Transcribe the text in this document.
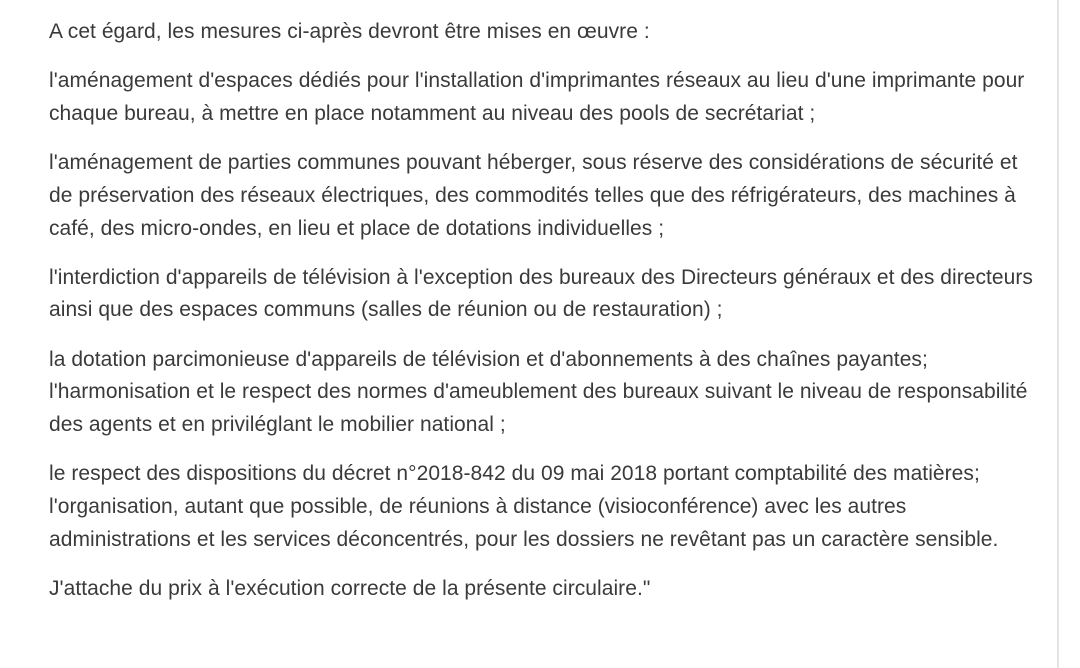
A cet égard, les mesures ci-après devront être mises en œuvre :

l'aménagement d'espaces dédiés pour l'installation d'imprimantes réseaux au lieu d'une imprimante pour chaque bureau, à mettre en place notamment au niveau des pools de secrétariat ;

l'aménagement de parties communes pouvant héberger, sous réserve des considérations de sécurité et de préservation des réseaux électriques, des commodités telles que des réfrigérateurs, des machines à café, des micro-ondes, en lieu et place de dotations individuelles ;

l'interdiction d'appareils de télévision à l'exception des bureaux des Directeurs généraux et des directeurs ainsi que des espaces communs (salles de réunion ou de restauration) ;

la dotation parcimonieuse d'appareils de télévision et d'abonnements à des chaînes payantes; l'harmonisation et le respect des normes d'ameublement des bureaux suivant le niveau de responsabilité des agents et en priviléglant le mobilier national ;

le respect des dispositions du décret n°2018-842 du 09 mai 2018 portant comptabilité des matières; l'organisation, autant que possible, de réunions à distance (visioconférence) avec les autres administrations et les services déconcentrés, pour les dossiers ne revêtant pas un caractère sensible.

J'attache du prix à l'exécution correcte de la présente circulaire."
